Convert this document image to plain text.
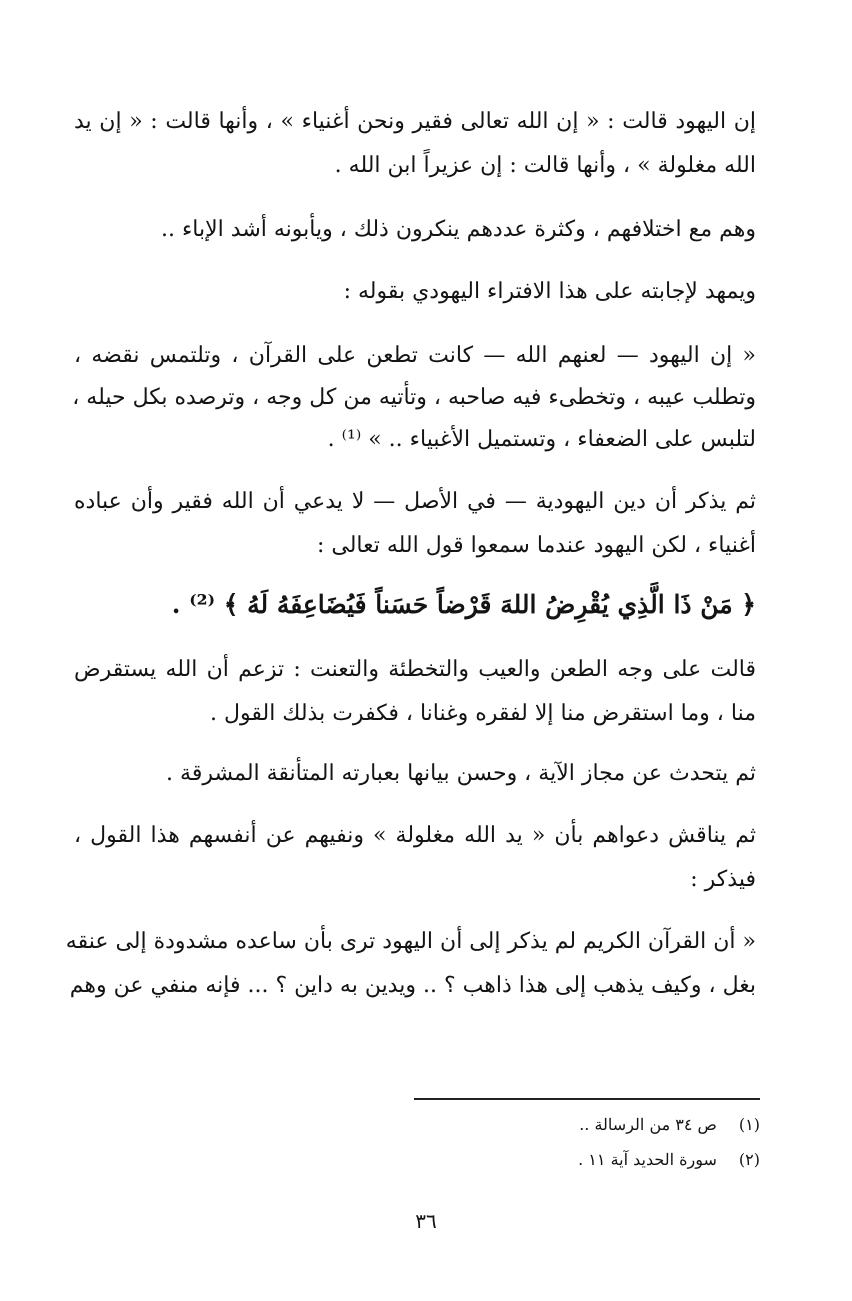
إن اليهود قالت : « إن الله تعالى فقير ونحن أغنياء » ، وأنها قالت : « إن يد
الله مغلولة » ، وأنها قالت : إن عزيراً ابن الله .
وهم مع اختلافهم ، وكثرة عددهم ينكرون ذلك ، ويأبونه أشد الإباء ..
ويمهد لإجابته على هذا الافتراء اليهودي بقوله :
« إن اليهود — لعنهم الله — كانت تطعن على القرآن ، وتلتمس نقضه ،
وتطلب عيبه ، وتخطىء فيه صاحبه ، وتأتيه من كل وجه ، وترصده بكل حيله ،
لتلبس على الضعفاء ، وتستميل الأغبياء .. » ⁽¹⁾ .
ثم يذكر أن دين اليهودية — في الأصل — لا يدعي أن الله فقير وأن عباده
أغنياء ، لكن اليهود عندما سمعوا قول الله تعالى :
﴿ مَنْ ذَا الَّذِي يُقْرِضُ اللهَ قَرْضاً حَسَناً فَيُضَاعِفَهُ لَهُ ﴾ ⁽²⁾ .
قالت على وجه الطعن والعيب والتخطئة والتعنت : تزعم أن الله يستقرض
منا ، وما استقرض منا إلا لفقره وغنانا ، فكفرت بذلك القول .
ثم يتحدث عن مجاز الآية ، وحسن بيانها بعبارته المتأنقة المشرقة .
ثم يناقش دعواهم بأن « يد الله مغلولة » ونفيهم عن أنفسهم هذا القول ،
فيذكر :
« أن القرآن الكريم لم يذكر إلى أن اليهود ترى بأن ساعده مشدودة إلى عنقه
بغل ، وكيف يذهب إلى هذا ذاهب ؟ .. ويدين به داين ؟ ... فإنه منفي عن وهم
(١) ص ٣٤ من الرسالة ..
(٢) سورة الحديد آية ١١ .
٣٦
